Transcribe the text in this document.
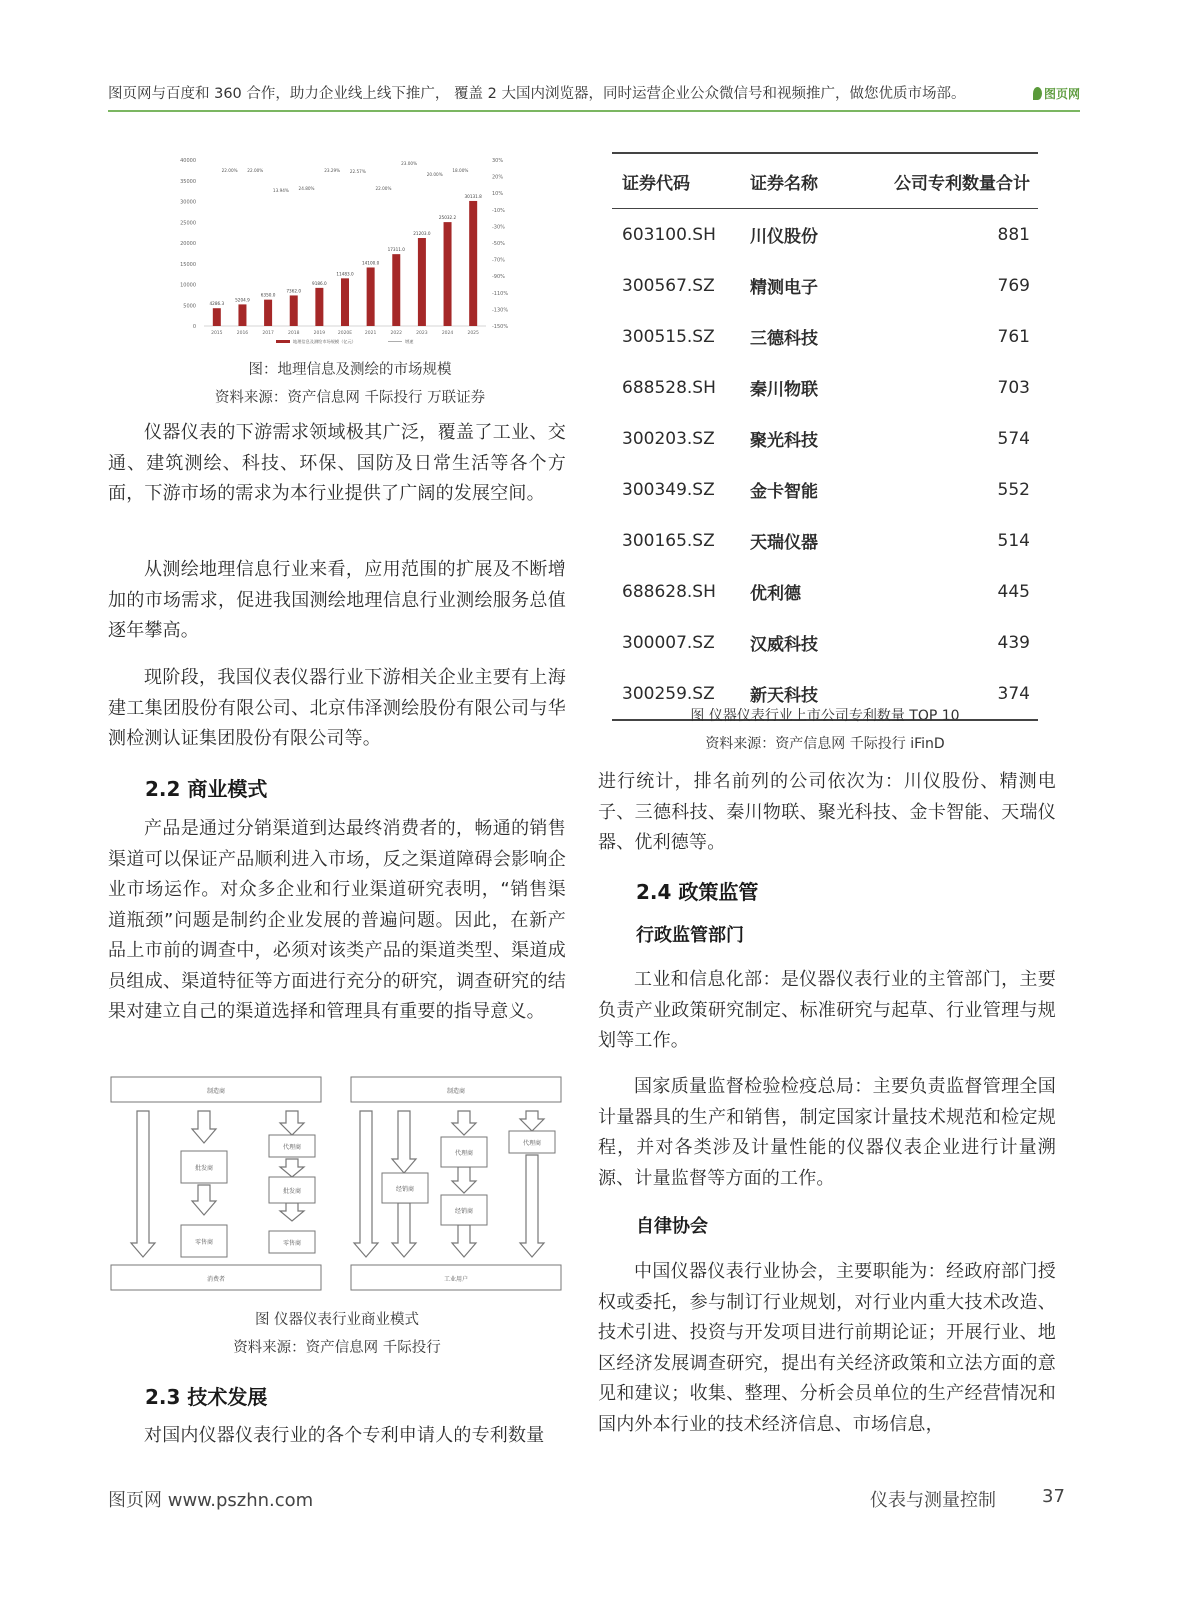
图页网与百度和 360 合作，助力企业线上线下推广， 覆盖 2 大国内浏览器，同时运营企业公众微信号和视频推广，做您优质市场部。	图页网
40000
35000
30000
25000
20000
15000
10000
5000
0
30%
20%
10%
-10%
-30%
-50%
-70%
-90%
-110%
-130%
-150%
4286.3
2015
5204.9
2016
6350.0
2017
7362.0
2018
9186.0
2019
11483.0
2020E
14100.0
2021
17311.0
2022
21203.0
2023
25032.2
2024
30131.8
2025
22.00% 22.00%
13.94% 24.80%
23.29% 22.57%
22.00%
23.00%
20.00%
18.00%
地理信息及测绘市场规模（亿元）	增速
图：地理信息及测绘的市场规模
资料来源：资产信息网 千际投行 万联证券

仪器仪表的下游需求领域极其广泛，覆盖了工业、交通、建筑测绘、科技、环保、国防及日常生活等各个方面，下游市场的需求为本行业提供了广阔的发展空间。

从测绘地理信息行业来看，应用范围的扩展及不断增加的市场需求，促进我国测绘地理信息行业测绘服务总值逐年攀高。

现阶段，我国仪表仪器行业下游相关企业主要有上海建工集团股份有限公司、北京伟泽测绘股份有限公司与华测检测认证集团股份有限公司等。

2.2 商业模式

产品是通过分销渠道到达最终消费者的，畅通的销售渠道可以保证产品顺利进入市场，反之渠道障碍会影响企业市场运作。对众多企业和行业渠道研究表明，“销售渠道瓶颈”问题是制约企业发展的普遍问题。因此，在新产品上市前的调查中，必须对该类产品的渠道类型、渠道成员组成、渠道特征等方面进行充分的研究，调查研究的结果对建立自己的渠道选择和管理具有重要的指导意义。

制造商
消费者
批发商
零售商
代理商
批发商
零售商
制造商
工业用户
经销商
代理商
经销商
代理商
图 仪器仪表行业商业模式
资料来源：资产信息网 千际投行
2.3 技术发展

对国内仪器仪表行业的各个专利申请人的专利数量

证券代码	证券名称	公司专利数量合计
603100.SH	川仪股份	881
300567.SZ	精测电子	769
300515.SZ	三德科技	761
688528.SH	秦川物联	703
300203.SZ	聚光科技	574
300349.SZ	金卡智能	552
300165.SZ	天瑞仪器	514
688628.SH	优利德	445
300007.SZ	汉威科技	439
300259.SZ	新天科技	374
图 仪器仪表行业上市公司专利数量 TOP 10
资料来源：资产信息网 千际投行 iFinD

进行统计，排名前列的公司依次为：川仪股份、精测电子、三德科技、秦川物联、聚光科技、金卡智能、天瑞仪器、优利德等。

2.4 政策监管
行政监管部门

工业和信息化部：是仪器仪表行业的主管部门，主要负责产业政策研究制定、标准研究与起草、行业管理与规划等工作。

国家质量监督检验检疫总局：主要负责监督管理全国计量器具的生产和销售，制定国家计量技术规范和检定规程，并对各类涉及计量性能的仪器仪表企业进行计量溯源、计量监督等方面的工作。

自律协会

中国仪器仪表行业协会，主要职能为：经政府部门授权或委托，参与制订行业规划，对行业内重大技术改造、技术引进、投资与开发项目进行前期论证；开展行业、地区经济发展调查研究，提出有关经济政策和立法方面的意见和建议；收集、整理、分析会员单位的生产经营情况和国内外本行业的技术经济信息、市场信息，

图页网 www.pszhn.com	仪表与测量控制	37
